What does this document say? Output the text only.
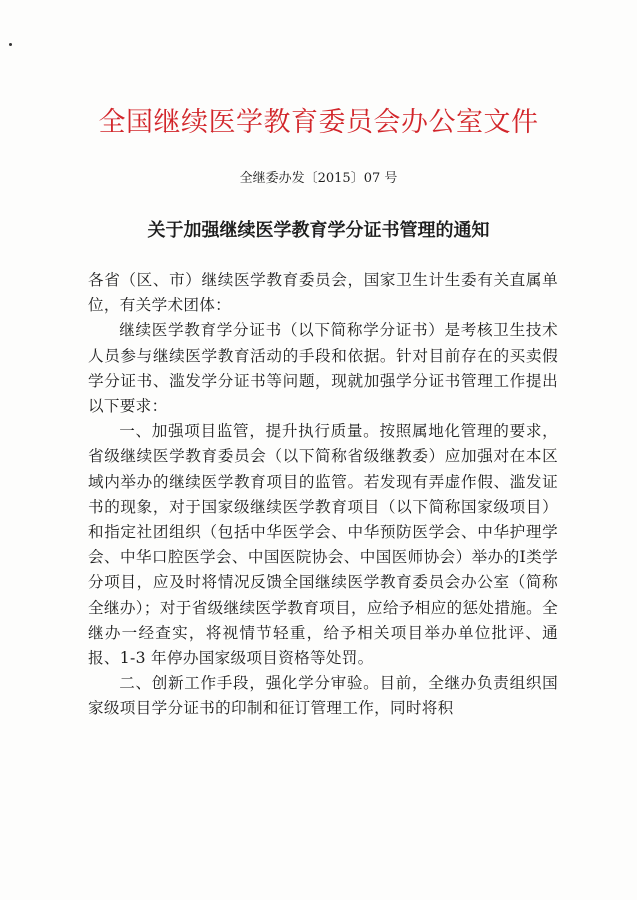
全国继续医学教育委员会办公室文件
全继委办发〔2015〕07 号
关于加强继续医学教育学分证书管理的通知

各省（区、市）继续医学教育委员会，国家卫生计生委有关直属单位，有关学术团体：

继续医学教育学分证书（以下简称学分证书）是考核卫生技术人员参与继续医学教育活动的手段和依据。针对目前存在的买卖假学分证书、滥发学分证书等问题，现就加强学分证书管理工作提出以下要求：

一、加强项目监管，提升执行质量。按照属地化管理的要求，省级继续医学教育委员会（以下简称省级继教委）应加强对在本区域内举办的继续医学教育项目的监管。若发现有弄虚作假、滥发证书的现象，对于国家级继续医学教育项目（以下简称国家级项目）和指定社团组织（包括中华医学会、中华预防医学会、中华护理学会、中华口腔医学会、中国医院协会、中国医师协会）举办的Ⅰ类学分项目，应及时将情况反馈全国继续医学教育委员会办公室（简称全继办）；对于省级继续医学教育项目，应给予相应的惩处措施。全继办一经查实，将视情节轻重，给予相关项目举办单位批评、通报、1-3 年停办国家级项目资格等处罚。

二、创新工作手段，强化学分审验。目前，全继办负责组织国家级项目学分证书的印制和征订管理工作，同时将积
